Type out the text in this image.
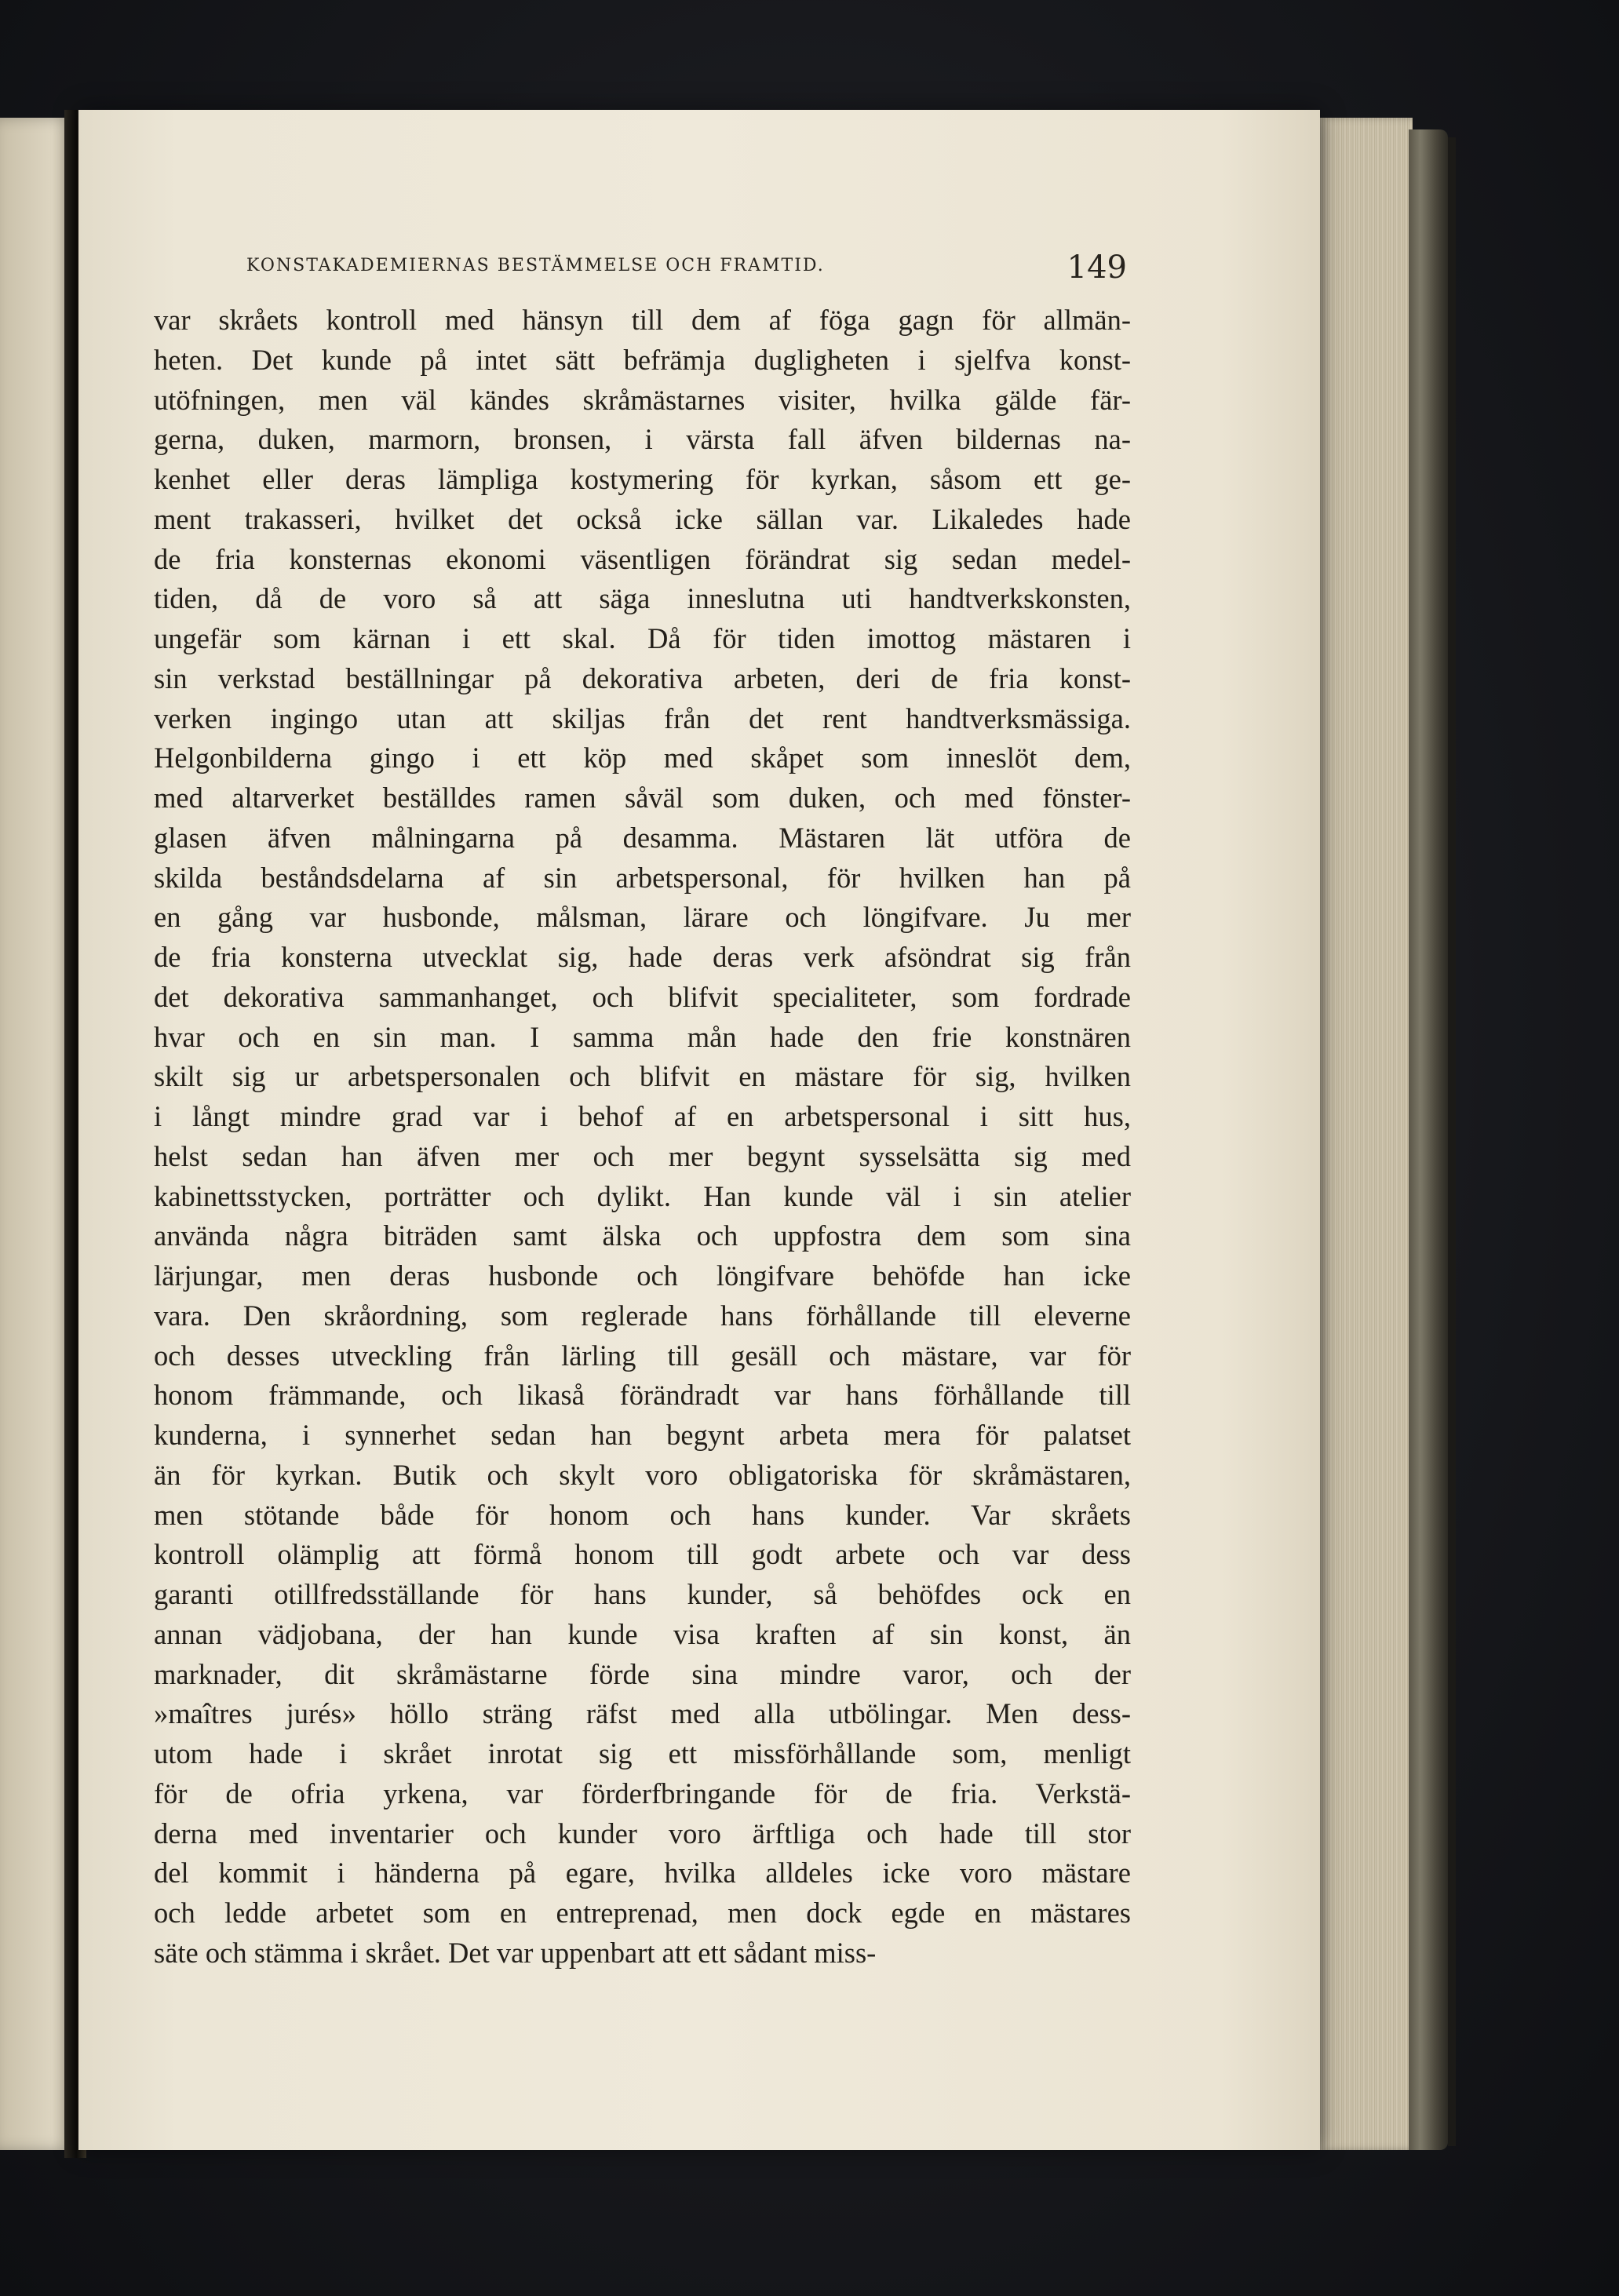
KONSTAKADEMIERNAS BESTÄMMELSE OCH FRAMTID.	149
var skråets kontroll med hänsyn till dem af föga gagn för allmän-
heten. Det kunde på intet sätt befrämja dugligheten i sjelfva konst-
utöfningen, men väl kändes skråmästarnes visiter, hvilka gälde fär-
gerna, duken, marmorn, bronsen, i värsta fall äfven bildernas na-
kenhet eller deras lämpliga kostymering för kyrkan, såsom ett ge-
ment trakasseri, hvilket det också icke sällan var. Likaledes hade
de fria konsternas ekonomi väsentligen förändrat sig sedan medel-
tiden, då de voro så att säga inneslutna uti handtverkskonsten,
ungefär som kärnan i ett skal. Då för tiden imottog mästaren i
sin verkstad beställningar på dekorativa arbeten, deri de fria konst-
verken ingingo utan att skiljas från det rent handtverksmässiga.
Helgonbilderna gingo i ett köp med skåpet som inneslöt dem,
med altarverket beställdes ramen såväl som duken, och med fönster-
glasen äfven målningarna på desamma. Mästaren lät utföra de
skilda beståndsdelarna af sin arbetspersonal, för hvilken han på
en gång var husbonde, målsman, lärare och löngifvare. Ju mer
de fria konsterna utvecklat sig, hade deras verk afsöndrat sig från
det dekorativa sammanhanget, och blifvit specialiteter, som fordrade
hvar och en sin man. I samma mån hade den frie konstnären
skilt sig ur arbetspersonalen och blifvit en mästare för sig, hvilken
i långt mindre grad var i behof af en arbetspersonal i sitt hus,
helst sedan han äfven mer och mer begynt sysselsätta sig med
kabinettsstycken, porträtter och dylikt. Han kunde väl i sin atelier
använda några biträden samt älska och uppfostra dem som sina
lärjungar, men deras husbonde och löngifvare behöfde han icke
vara. Den skråordning, som reglerade hans förhållande till eleverne
och desses utveckling från lärling till gesäll och mästare, var för
honom främmande, och likaså förändradt var hans förhållande till
kunderna, i synnerhet sedan han begynt arbeta mera för palatset
än för kyrkan. Butik och skylt voro obligatoriska för skråmästaren,
men stötande både för honom och hans kunder. Var skråets
kontroll olämplig att förmå honom till godt arbete och var dess
garanti otillfredsställande för hans kunder, så behöfdes ock en
annan vädjobana, der han kunde visa kraften af sin konst, än
marknader, dit skråmästarne förde sina mindre varor, och der
»maîtres jurés» höllo sträng räfst med alla utbölingar. Men dess-
utom hade i skrået inrotat sig ett missförhållande som, menligt
för de ofria yrkena, var förderfbringande för de fria. Verkstä-
derna med inventarier och kunder voro ärftliga och hade till stor
del kommit i händerna på egare, hvilka alldeles icke voro mästare
och ledde arbetet som en entreprenad, men dock egde en mästares
säte och stämma i skrået. Det var uppenbart att ett sådant miss-
